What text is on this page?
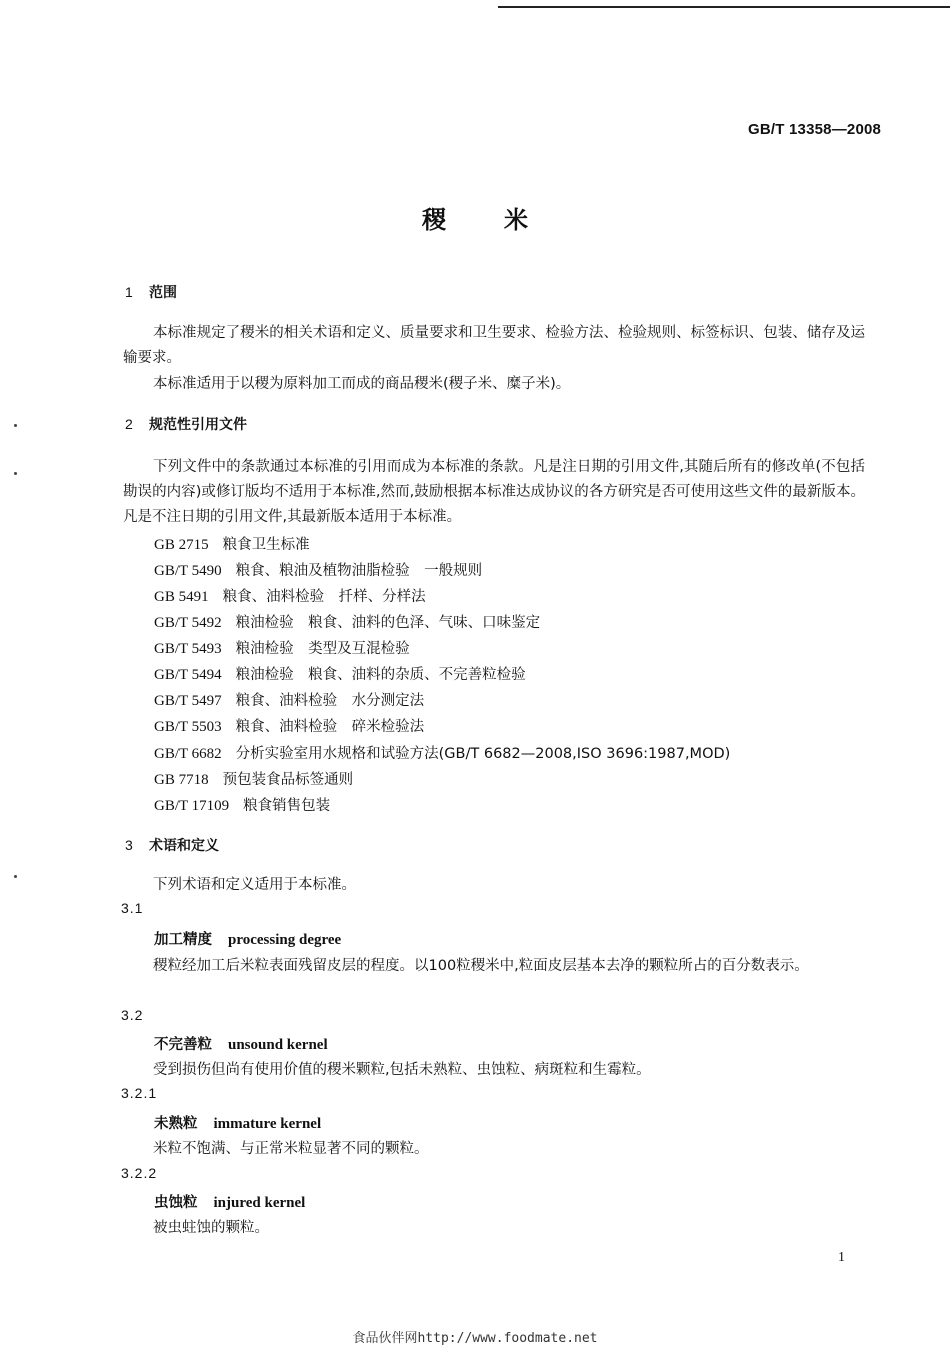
GB/T 13358—2008
稷米
1 范围
本标准规定了稷米的相关术语和定义、质量要求和卫生要求、检验方法、检验规则、标签标识、包装、储存及运输要求。
本标准适用于以稷为原料加工而成的商品稷米(稷子米、糜子米)。
2 规范性引用文件
下列文件中的条款通过本标准的引用而成为本标准的条款。凡是注日期的引用文件,其随后所有的修改单(不包括勘误的内容)或修订版均不适用于本标准,然而,鼓励根据本标准达成协议的各方研究是否可使用这些文件的最新版本。凡是不注日期的引用文件,其最新版本适用于本标准。
GB 2715 粮食卫生标准
GB/T 5490 粮食、粮油及植物油脂检验　一般规则
GB 5491 粮食、油料检验　扦样、分样法
GB/T 5492 粮油检验　粮食、油料的色泽、气味、口味鉴定
GB/T 5493 粮油检验　类型及互混检验
GB/T 5494 粮油检验　粮食、油料的杂质、不完善粒检验
GB/T 5497 粮食、油料检验　水分测定法
GB/T 5503 粮食、油料检验　碎米检验法
GB/T 6682 分析实验室用水规格和试验方法(GB/T 6682—2008,ISO 3696:1987,MOD)
GB 7718 预包装食品标签通则
GB/T 17109 粮食销售包装
3 术语和定义
下列术语和定义适用于本标准。
3.1
加工精度 processing degree
稷粒经加工后米粒表面残留皮层的程度。以100粒稷米中,粒面皮层基本去净的颗粒所占的百分数表示。
3.2
不完善粒 unsound kernel
受到损伤但尚有使用价值的稷米颗粒,包括未熟粒、虫蚀粒、病斑粒和生霉粒。
3.2.1
未熟粒 immature kernel
米粒不饱满、与正常米粒显著不同的颗粒。
3.2.2
虫蚀粒 injured kernel
被虫蛀蚀的颗粒。
1
食品伙伴网http://www.foodmate.net
